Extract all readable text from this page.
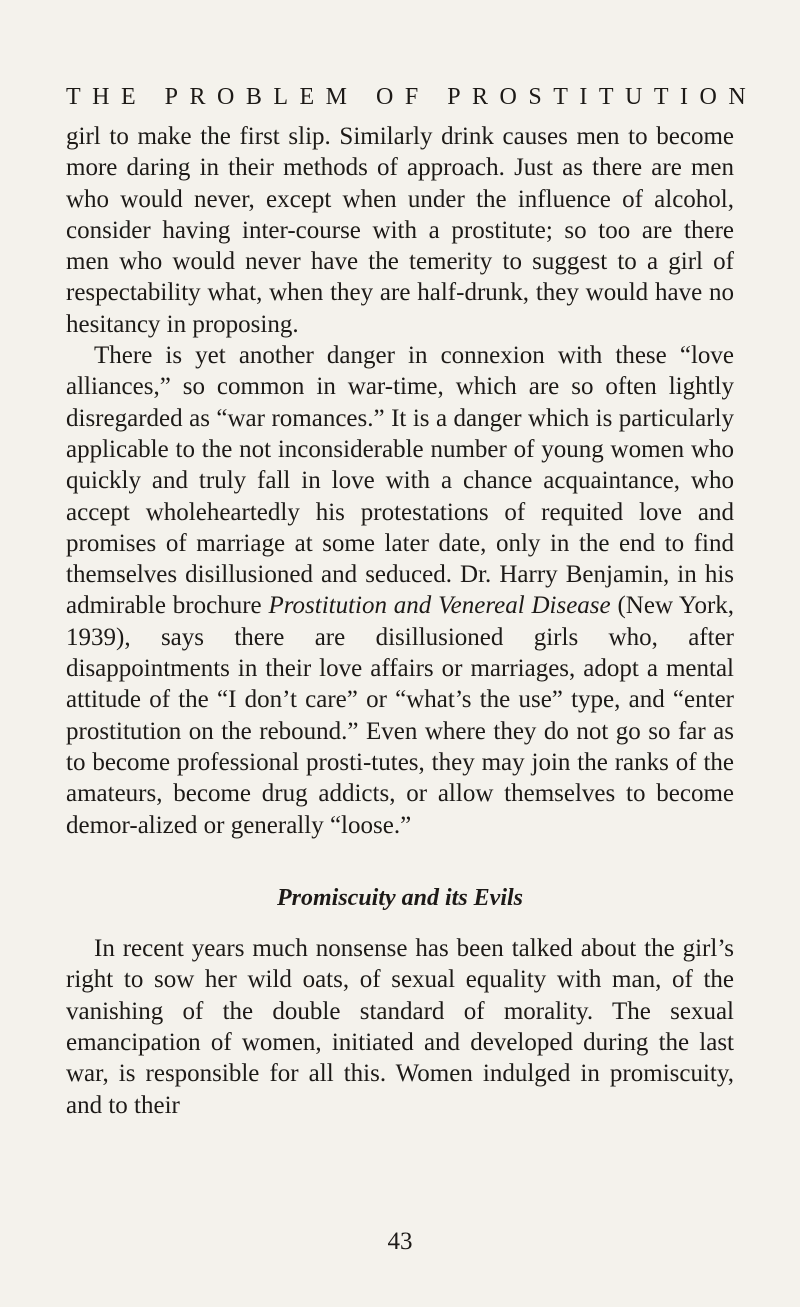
THE PROBLEM OF PROSTITUTION

girl to make the first slip. Similarly drink causes men to become more daring in their methods of approach. Just as there are men who would never, except when under the influence of alcohol, consider having inter-course with a prostitute; so too are there men who would never have the temerity to suggest to a girl of respectability what, when they are half-drunk, they would have no hesitancy in proposing.

There is yet another danger in connexion with these “love alliances,” so common in war-time, which are so often lightly disregarded as “war romances.” It is a danger which is particularly applicable to the not inconsiderable number of young women who quickly and truly fall in love with a chance acquaintance, who accept wholeheartedly his protestations of requited love and promises of marriage at some later date, only in the end to find themselves disillusioned and seduced. Dr. Harry Benjamin, in his admirable brochure Prostitution and Venereal Disease (New York, 1939), says there are disillusioned girls who, after disappointments in their love affairs or marriages, adopt a mental attitude of the “I don’t care” or “what’s the use” type, and “enter prostitution on the rebound.” Even where they do not go so far as to become professional prosti-tutes, they may join the ranks of the amateurs, become drug addicts, or allow themselves to become demor-alized or generally “loose.”

Promiscuity and its Evils

In recent years much nonsense has been talked about the girl’s right to sow her wild oats, of sexual equality with man, of the vanishing of the double standard of morality. The sexual emancipation of women, initiated and developed during the last war, is responsible for all this. Women indulged in promiscuity, and to their

43
